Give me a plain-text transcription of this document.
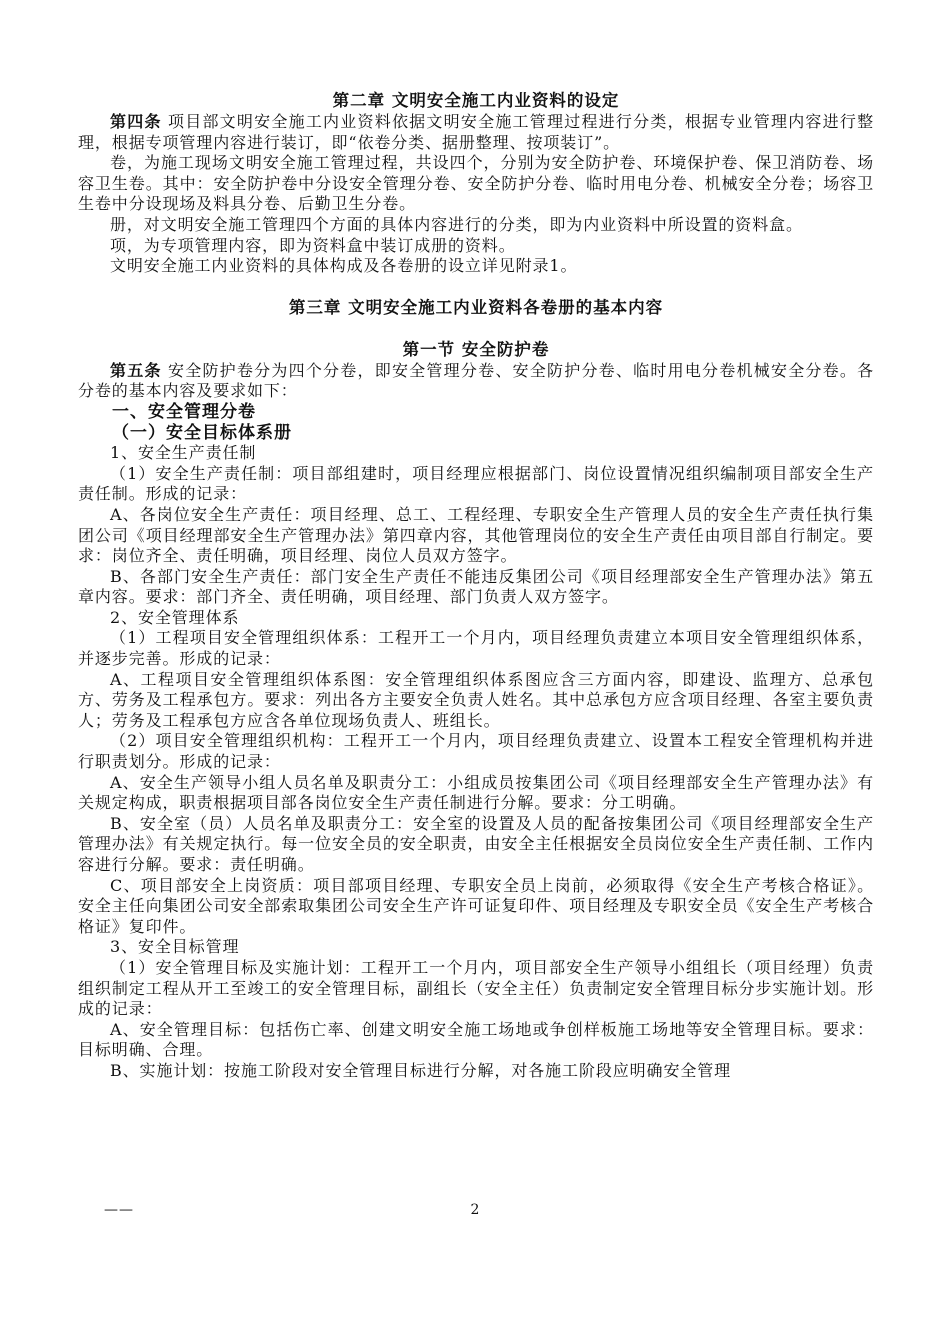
第二章 文明安全施工内业资料的设定

第四条 项目部文明安全施工内业资料依据文明安全施工管理过程进行分类，根据专业管理内容进行整理，根据专项管理内容进行装订，即“依卷分类、据册整理、按项装订”。

卷，为施工现场文明安全施工管理过程，共设四个，分别为安全防护卷、环境保护卷、保卫消防卷、场容卫生卷。其中：安全防护卷中分设安全管理分卷、安全防护分卷、临时用电分卷、机械安全分卷；场容卫生卷中分设现场及料具分卷、后勤卫生分卷。

册，对文明安全施工管理四个方面的具体内容进行的分类，即为内业资料中所设置的资料盒。

项，为专项管理内容，即为资料盒中装订成册的资料。

文明安全施工内业资料的具体构成及各卷册的设立详见附录1。

第三章 文明安全施工内业资料各卷册的基本内容

第一节 安全防护卷

第五条 安全防护卷分为四个分卷，即安全管理分卷、安全防护分卷、临时用电分卷机械安全分卷。各分卷的基本内容及要求如下：

一、安全管理分卷

（一）安全目标体系册

1、安全生产责任制

（1）安全生产责任制：项目部组建时，项目经理应根据部门、岗位设置情况组织编制项目部安全生产责任制。形成的记录：

A、各岗位安全生产责任：项目经理、总工、工程经理、专职安全生产管理人员的安全生产责任执行集团公司《项目经理部安全生产管理办法》第四章内容，其他管理岗位的安全生产责任由项目部自行制定。要求：岗位齐全、责任明确，项目经理、岗位人员双方签字。

B、各部门安全生产责任：部门安全生产责任不能违反集团公司《项目经理部安全生产管理办法》第五章内容。要求：部门齐全、责任明确，项目经理、部门负责人双方签字。

2、安全管理体系

（1）工程项目安全管理组织体系：工程开工一个月内，项目经理负责建立本项目安全管理组织体系，并逐步完善。形成的记录：

A、工程项目安全管理组织体系图：安全管理组织体系图应含三方面内容，即建设、监理方、总承包方、劳务及工程承包方。要求：列出各方主要安全负责人姓名。其中总承包方应含项目经理、各室主要负责人；劳务及工程承包方应含各单位现场负责人、班组长。

（2）项目安全管理组织机构：工程开工一个月内，项目经理负责建立、设置本工程安全管理机构并进行职责划分。形成的记录：

A、安全生产领导小组人员名单及职责分工：小组成员按集团公司《项目经理部安全生产管理办法》有关规定构成，职责根据项目部各岗位安全生产责任制进行分解。要求：分工明确。

B、安全室（员）人员名单及职责分工：安全室的设置及人员的配备按集团公司《项目经理部安全生产管理办法》有关规定执行。每一位安全员的安全职责，由安全主任根据安全员岗位安全生产责任制、工作内容进行分解。要求：责任明确。

C、项目部安全上岗资质：项目部项目经理、专职安全员上岗前，必须取得《安全生产考核合格证》。安全主任向集团公司安全部索取集团公司安全生产许可证复印件、项目经理及专职安全员《安全生产考核合格证》复印件。

3、安全目标管理

（1）安全管理目标及实施计划：工程开工一个月内，项目部安全生产领导小组组长（项目经理）负责组织制定工程从开工至竣工的安全管理目标，副组长（安全主任）负责制定安全管理目标分步实施计划。形成的记录：

A、安全管理目标：包括伤亡率、创建文明安全施工场地或争创样板施工场地等安全管理目标。要求：目标明确、合理。

B、实施计划：按施工阶段对安全管理目标进行分解，对各施工阶段应明确安全管理

——	2
